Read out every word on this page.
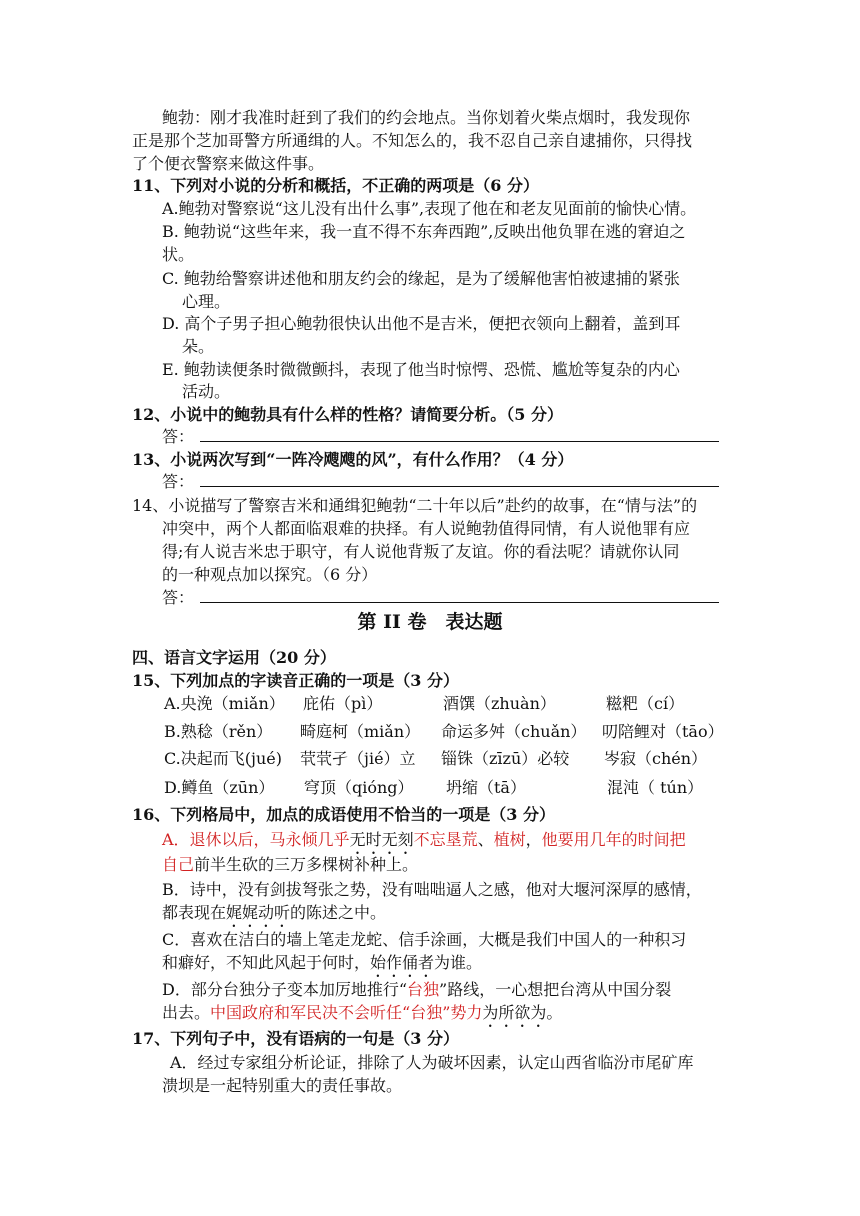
鲍勃：刚才我准时赶到了我们的约会地点。当你划着火柴点烟时，我发现你
正是那个芝加哥警方所通缉的人。不知怎么的，我不忍自己亲自逮捕你，只得找
了个便衣警察来做这件事。
11、下列对小说的分析和概括，不正确的两项是（6 分）
A.鲍勃对警察说“这儿没有出什么事”,表现了他在和老友见面前的愉快心情。
B. 鲍勃说“这些年来，我一直不得不东奔西跑”,反映出他负罪在逃的窘迫之
状。
C. 鲍勃给警察讲述他和朋友约会的缘起，是为了缓解他害怕被逮捕的紧张
心理。
D. 高个子男子担心鲍勃很快认出他不是吉米，便把衣领向上翻着，盖到耳
朵。
E. 鲍勃读便条时微微颤抖，表现了他当时惊愕、恐慌、尴尬等复杂的内心
活动。
12、小说中的鲍勃具有什么样的性格？请简要分析。（5 分）
答：
13、小说两次写到“一阵冷飕飕的风”，有什么作用？（4 分）
答：
14、小说描写了警察吉米和通缉犯鲍勃“二十年以后”赴约的故事，在“情与法”的
冲突中，两个人都面临艰难的抉择。有人说鲍勃值得同情，有人说他罪有应
得;有人说吉米忠于职守，有人说他背叛了友谊。你的看法呢？请就你认同
的一种观点加以探究。（6 分）
答：
第 II 卷　表达题
四、语言文字运用（20 分）
15、下列加点的字读音正确的一项是（3 分）
A.央浼（miǎn） 庇佑（pì）	酒馔（zhuàn）	糍粑（cí）
B.熟稔（rěn） 畸庭柯（miǎn） 命运多舛（chuǎn） 叨陪鲤对（tāo）
C.决起而飞(jué) 茕茕孑（jié）立 锱铢（zīzū）必较 岑寂（chén）
D.鳟鱼（zūn） 穹顶（qióng） 坍缩（tā）	混沌（ tún）
16、下列格局中，加点的成语使用不恰当的一项是（3 分）
A．退休以后，马永倾几乎无时无刻不忘垦荒、植树，他要用几年的时间把
自己前半生砍的三万多棵树补种上。
B．诗中，没有剑拔弩张之势，没有咄咄逼人之感，他对大堰河深厚的感情，
都表现在娓娓动听的陈述之中。
C．喜欢在洁白的墙上笔走龙蛇、信手涂画，大概是我们中国人的一种积习
和癖好，不知此风起于何时，始作俑者为谁。
D．部分台独分子变本加厉地推行“台独”路线，一心想把台湾从中国分裂
出去。中国政府和军民决不会听任“台独”势力为所欲为。
17、下列句子中，没有语病的一句是（3 分）
A．经过专家组分析论证，排除了人为破坏因素，认定山西省临汾市尾矿库
溃坝是一起特别重大的责任事故。
